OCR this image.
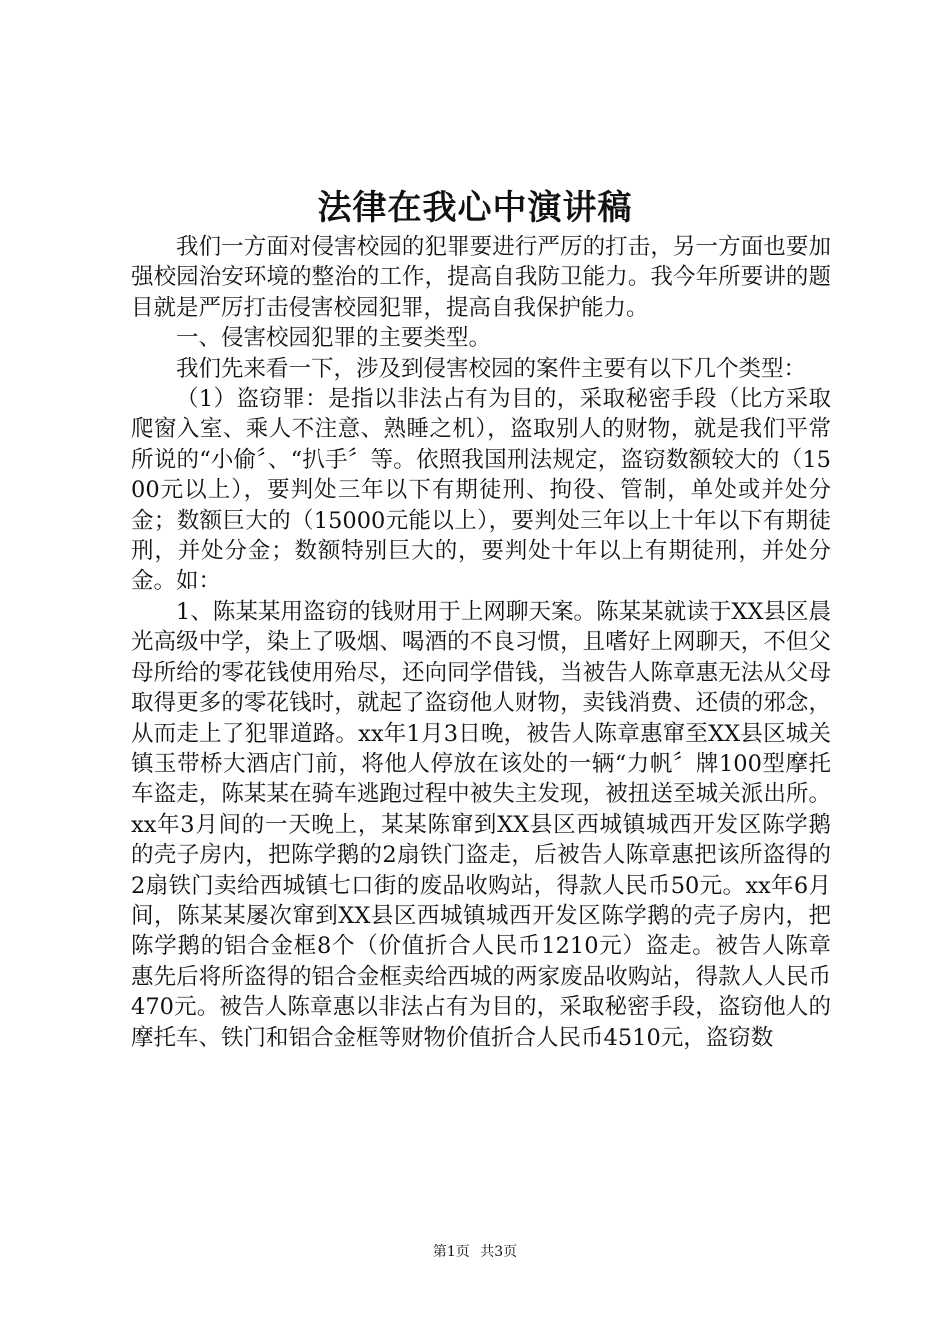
法律在我心中演讲稿

我们一方面对侵害校园的犯罪要进行严厉的打击，另一方面也要加强校园治安环境的整治的工作，提高自我防卫能力。我今年所要讲的题目就是严厉打击侵害校园犯罪，提高自我保护能力。

一、侵害校园犯罪的主要类型。

我们先来看一下，涉及到侵害校园的案件主要有以下几个类型：

（1）盗窃罪：是指以非法占有为目的，采取秘密手段（比方采取爬窗入室、乘人不注意、熟睡之机），盗取别人的财物，就是我们平常所说的“小偷〞、“扒手〞等。依照我国刑法规定，盗窃数额较大的（1500元以上），要判处三年以下有期徒刑、拘役、管制，单处或并处分金；数额巨大的（15000元能以上），要判处三年以上十年以下有期徒刑，并处分金；数额特别巨大的，要判处十年以上有期徒刑，并处分金。如：

1、陈某某用盗窃的钱财用于上网聊天案。陈某某就读于XX县区晨光高级中学，染上了吸烟、喝酒的不良习惯，且嗜好上网聊天，不但父母所给的零花钱使用殆尽，还向同学借钱，当被告人陈章惠无法从父母取得更多的零花钱时，就起了盗窃他人财物，卖钱消费、还债的邪念，从而走上了犯罪道路。xx年1月3日晚，被告人陈章惠窜至XX县区城关镇玉带桥大酒店门前，将他人停放在该处的一辆“力帆〞牌100型摩托车盗走，陈某某在骑车逃跑过程中被失主发现，被扭送至城关派出所。xx年3月间的一天晚上，某某陈窜到XX县区西城镇城西开发区陈学鹅的壳子房内，把陈学鹅的2扇铁门盗走，后被告人陈章惠把该所盗得的2扇铁门卖给西城镇七口街的废品收购站，得款人民币50元。xx年6月间，陈某某屡次窜到XX县区西城镇城西开发区陈学鹅的壳子房内，把陈学鹅的铝合金框8个（价值折合人民币1210元）盗走。被告人陈章惠先后将所盗得的铝合金框卖给西城的两家废品收购站，得款人人民币470元。被告人陈章惠以非法占有为目的，采取秘密手段，盗窃他人的摩托车、铁门和铝合金框等财物价值折合人民币4510元，盗窃数

第1页 共3页
